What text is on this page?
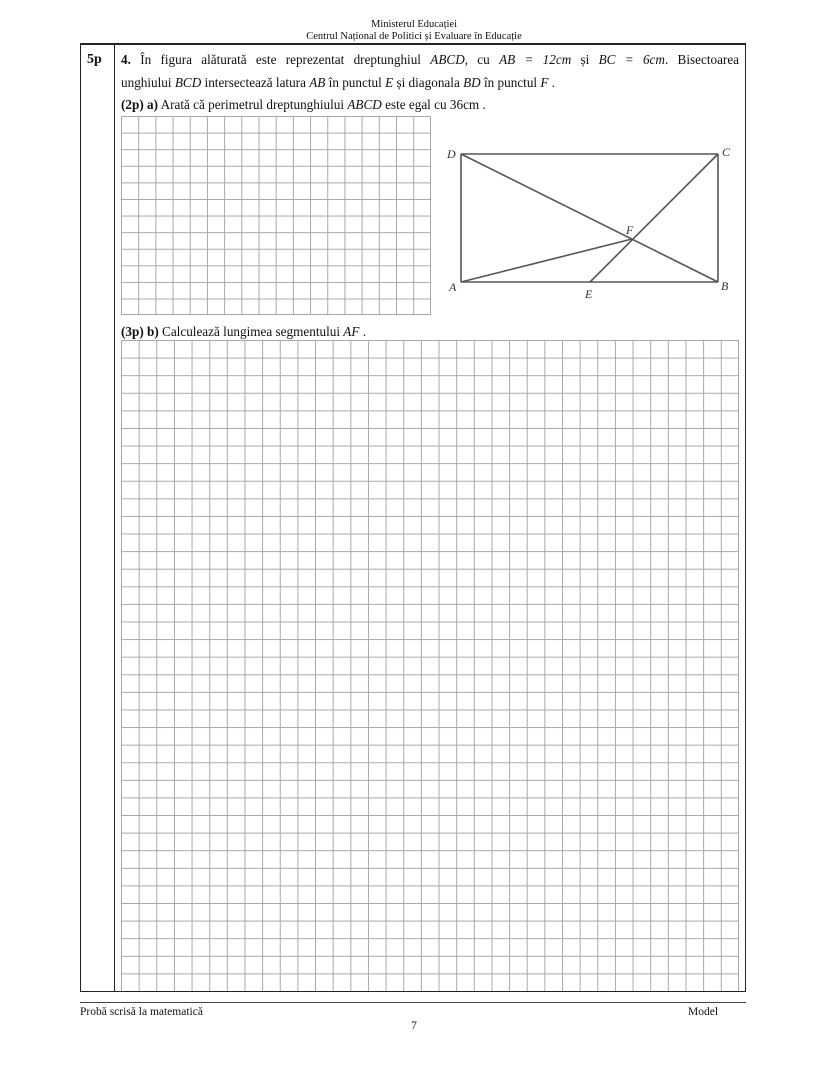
Ministerul Educației
Centrul Național de Politici și Evaluare în Educație
5p 4. În figura alăturată este reprezentat dreptunghiul ABCD, cu AB = 12cm și BC = 6cm. Bisectoarea
unghiului BCD intersectează latura AB în punctul E și diagonala BD în punctul F .
(2p) a) Arată că perimetrul dreptunghiului ABCD este egal cu 36cm .
D	C
A	B
E
F
(3p) b) Calculează lungimea segmentului AF .
Probă scrisă la matematică	Model
7
